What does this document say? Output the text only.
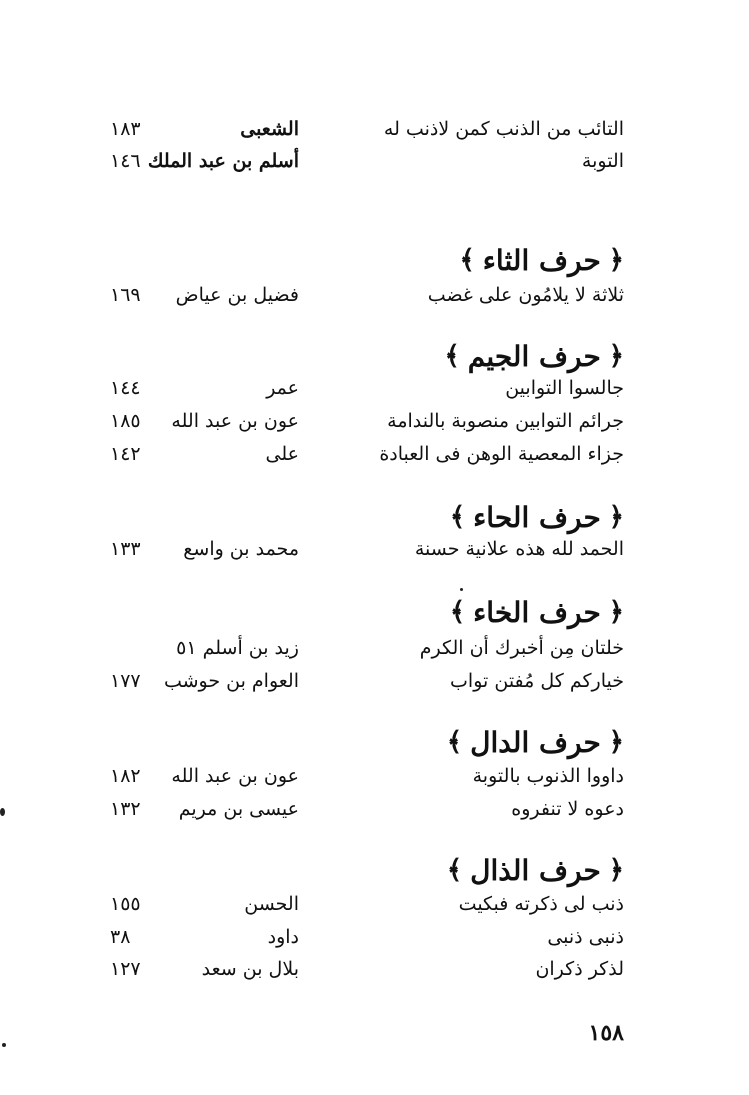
التائب من الذنب كمن لاذنب له
الشعبى
١٨٣
التوبة
أسلم بن عبد الملك
١٤٦
﴿
حرف الثاء
﴾
ثلاثة لا يلامُون على غضب
فضيل بن عياض
١٦٩
﴿
حرف الجيم
﴾
جالسوا التوابين
عمر
١٤٤
جرائم التوابين منصوبة بالندامة
عون بن عبد الله
١٨٥
جزاء المعصية الوهن فى العبادة
على
١٤٢
﴿
حرف الحاء
﴾
الحمد لله هذه علانية حسنة
محمد بن واسع
١٣٣
﴿
حرف الخاء
﴾
خلتان مِن أخبرك أن الكرم
زيد بن أسلم ٥١
خياركم كل مُفتن تواب
العوام بن حوشب
١٧٧
﴿
حرف الدال
﴾
داووا الذنوب بالتوبة
عون بن عبد الله
١٨٢
دعوه لا تنفروه
عيسى بن مريم
١٣٢
﴿
حرف الذال
﴾
ذنب لى ذكرته فبكيت
الحسن
١٥٥
ذنبى ذنبى
داود
٣٨
لذكر ذكران
بلال بن سعد
١٢٧
١٥٨
